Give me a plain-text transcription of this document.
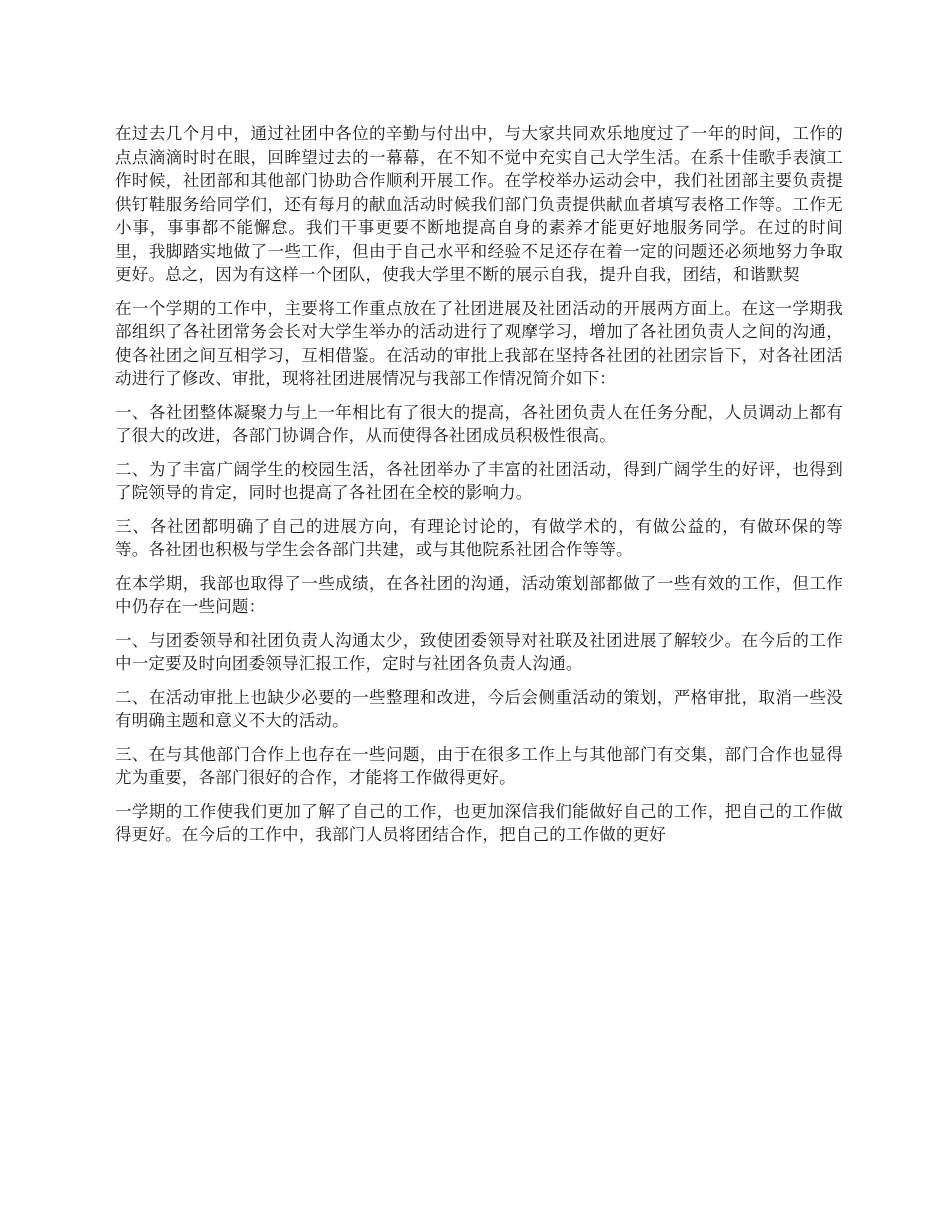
在过去几个月中，通过社团中各位的辛勤与付出中，与大家共同欢乐地度过了一年的时间，工作的点点滴滴时时在眼，回眸望过去的一幕幕，在不知不觉中充实自己大学生活。在系十佳歌手表演工作时候，社团部和其他部门协助合作顺利开展工作。在学校举办运动会中，我们社团部主要负责提供钉鞋服务给同学们，还有每月的献血活动时候我们部门负责提供献血者填写表格工作等。工作无小事，事事都不能懈怠。我们干事更要不断地提高自身的素养才能更好地服务同学。在过的时间里，我脚踏实地做了一些工作，但由于自己水平和经验不足还存在着一定的问题还必须地努力争取更好。总之，因为有这样一个团队，使我大学里不断的展示自我，提升自我，团结，和谐默契

在一个学期的工作中，主要将工作重点放在了社团进展及社团活动的开展两方面上。在这一学期我部组织了各社团常务会长对大学生举办的活动进行了观摩学习，增加了各社团负责人之间的沟通，使各社团之间互相学习，互相借鉴。在活动的审批上我部在坚持各社团的社团宗旨下，对各社团活动进行了修改、审批，现将社团进展情况与我部工作情况简介如下：

一、各社团整体凝聚力与上一年相比有了很大的提高，各社团负责人在任务分配，人员调动上都有了很大的改进，各部门协调合作，从而使得各社团成员积极性很高。

二、为了丰富广阔学生的校园生活，各社团举办了丰富的社团活动，得到广阔学生的好评，也得到了院领导的肯定，同时也提高了各社团在全校的影响力。

三、各社团都明确了自己的进展方向，有理论讨论的，有做学术的，有做公益的，有做环保的等等。各社团也积极与学生会各部门共建，或与其他院系社团合作等等。

在本学期，我部也取得了一些成绩，在各社团的沟通，活动策划部都做了一些有效的工作，但工作中仍存在一些问题：

一、与团委领导和社团负责人沟通太少，致使团委领导对社联及社团进展了解较少。在今后的工作中一定要及时向团委领导汇报工作，定时与社团各负责人沟通。

二、在活动审批上也缺少必要的一些整理和改进，今后会侧重活动的策划，严格审批，取消一些没有明确主题和意义不大的活动。

三、在与其他部门合作上也存在一些问题，由于在很多工作上与其他部门有交集，部门合作也显得尤为重要，各部门很好的合作，才能将工作做得更好。

一学期的工作使我们更加了解了自己的工作，也更加深信我们能做好自己的工作，把自己的工作做得更好。在今后的工作中，我部门人员将团结合作，把自己的工作做的更好
